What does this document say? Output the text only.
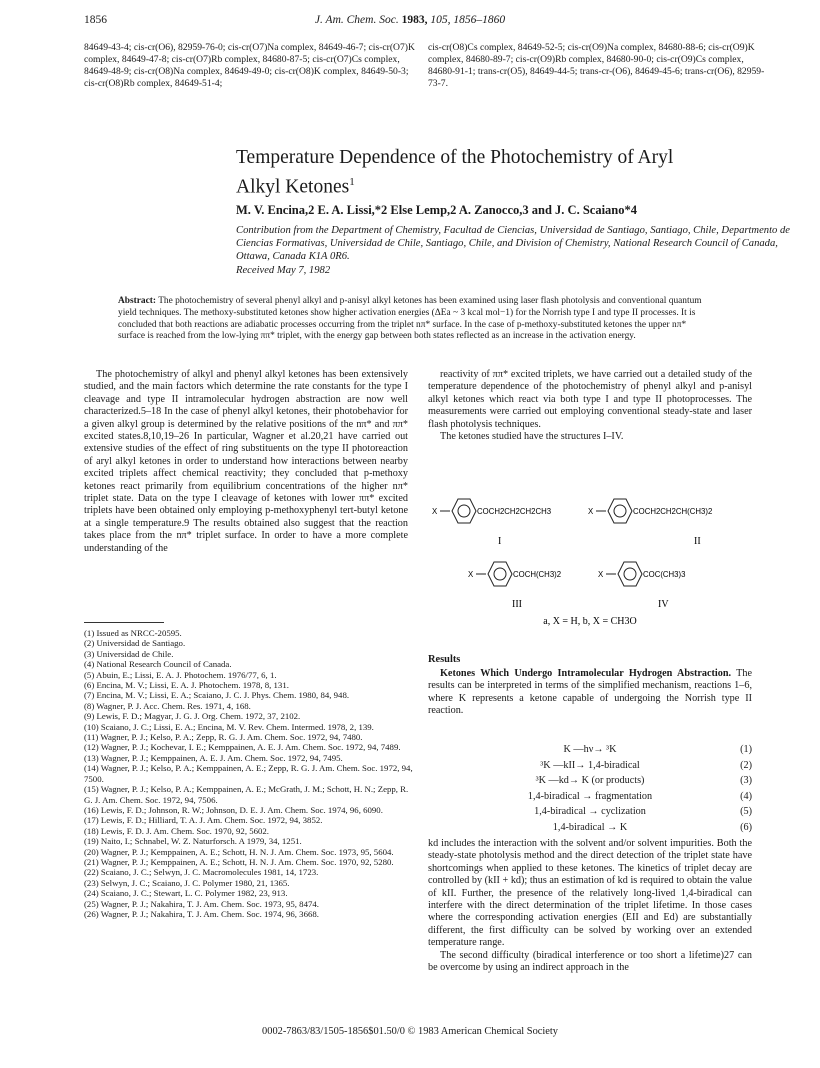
1856	J. Am. Chem. Soc. 1983, 105, 1856–1860

84649-43-4; cis-cr(O6), 82959-76-0; cis-cr(O7)Na complex, 84649-46-7; cis-cr(O7)K complex, 84649-47-8; cis-cr(O7)Rb complex, 84680-87-5; cis-cr(O7)Cs complex, 84649-48-9; cis-cr(O8)Na complex, 84649-49-0; cis-cr(O8)K complex, 84649-50-3; cis-cr(O8)Rb complex, 84649-51-4;

cis-cr(O8)Cs complex, 84649-52-5; cis-cr(O9)Na complex, 84680-88-6; cis-cr(O9)K complex, 84680-89-7; cis-cr(O9)Rb complex, 84680-90-0; cis-cr(O9)Cs complex, 84680-91-1; trans-cr(O5), 84649-44-5; trans-cr-(O6), 84649-45-6; trans-cr(O6), 82959-73-7.

Temperature Dependence of the Photochemistry of Aryl
Alkyl Ketones$^1$
M. V. Encina,2 E. A. Lissi,*2 Else Lemp,2 A. Zanocco,3 and J. C. Scaiano*4
Contribution from the Department of Chemistry, Facultad de Ciencias, Universidad de Santiago, Santiago, Chile, Departmento de Ciencias Formativas, Universidad de Chile, Santiago, Chile, and Division of Chemistry, National Research Council of Canada, Ottawa, Canada K1A 0R6.
Received May 7, 1982
Abstract: The photochemistry of several phenyl alkyl and p-anisyl alkyl ketones has been examined using laser flash photolysis and conventional quantum yield techniques. The methoxy-substituted ketones show higher activation energies (ΔEa ~ 3 kcal mol−1) for the Norrish type I and type II processes. It is concluded that both reactions are adiabatic processes occurring from the triplet nπ* surface. In the case of p-methoxy-substituted ketones the upper nπ* surface is reached from the low-lying ππ* triplet, with the energy gap between both states reflected as an increase in the activation energy.

The photochemistry of alkyl and phenyl alkyl ketones has been extensively studied, and the main factors which determine the rate constants for the type I cleavage and type II intramolecular hydrogen abstraction are now well characterized.5–18 In the case of phenyl alkyl ketones, their photobehavior for a given alkyl group is determined by the relative positions of the nπ* and ππ* excited states.8,10,19–26 In particular, Wagner et al.20,21 have carried out extensive studies of the effect of ring substituents on the type II photoreaction of aryl alkyl ketones in order to understand how interactions between nearby excited triplets affect chemical reactivity; they concluded that p-methoxy ketones react primarily from equilibrium concentrations of the higher nπ* triplet state. Data on the type I cleavage of ketones with lower ππ* excited triplets have been obtained only employing p-methoxyphenyl tert-butyl ketone at a single temperature.9 The results obtained also suggest that the reaction takes place from the nπ* triplet surface. In order to have a more complete understanding of the

(1) Issued as NRCC-20595.
(2) Universidad de Santiago.
(3) Universidad de Chile.
(4) National Research Council of Canada.
(5) Abuin, E.; Lissi, E. A. J. Photochem. 1976/77, 6, 1.
(6) Encina, M. V.; Lissi, E. A. J. Photochem. 1978, 8, 131.
(7) Encina, M. V.; Lissi, E. A.; Scaiano, J. C. J. Phys. Chem. 1980, 84, 948.
(8) Wagner, P. J. Acc. Chem. Res. 1971, 4, 168.
(9) Lewis, F. D.; Magyar, J. G. J. Org. Chem. 1972, 37, 2102.
(10) Scaiano, J. C.; Lissi, E. A.; Encina, M. V. Rev. Chem. Intermed. 1978, 2, 139.
(11) Wagner, P. J.; Kelso, P. A.; Zepp, R. G. J. Am. Chem. Soc. 1972, 94, 7480.
(12) Wagner, P. J.; Kochevar, I. E.; Kemppainen, A. E. J. Am. Chem. Soc. 1972, 94, 7489.
(13) Wagner, P. J.; Kemppainen, A. E. J. Am. Chem. Soc. 1972, 94, 7495.
(14) Wagner, P. J.; Kelso, P. A.; Kemppainen, A. E.; Zepp, R. G. J. Am. Chem. Soc. 1972, 94, 7500.
(15) Wagner, P. J.; Kelso, P. A.; Kemppainen, A. E.; McGrath, J. M.; Schott, H. N.; Zepp, R. G. J. Am. Chem. Soc. 1972, 94, 7506.
(16) Lewis, F. D.; Johnson, R. W.; Johnson, D. E. J. Am. Chem. Soc. 1974, 96, 6090.
(17) Lewis, F. D.; Hilliard, T. A. J. Am. Chem. Soc. 1972, 94, 3852.
(18) Lewis, F. D. J. Am. Chem. Soc. 1970, 92, 5602.
(19) Naito, I.; Schnabel, W. Z. Naturforsch. A 1979, 34, 1251.
(20) Wagner, P. J.; Kemppainen, A. E.; Schott, H. N. J. Am. Chem. Soc. 1973, 95, 5604.
(21) Wagner, P. J.; Kemppainen, A. E.; Schott, H. N. J. Am. Chem. Soc. 1970, 92, 5280.
(22) Scaiano, J. C.; Selwyn, J. C. Macromolecules 1981, 14, 1723.
(23) Selwyn, J. C.; Scaiano, J. C. Polymer 1980, 21, 1365.
(24) Scaiano, J. C.; Stewart, L. C. Polymer 1982, 23, 913.
(25) Wagner, P. J.; Nakahira, T. J. Am. Chem. Soc. 1973, 95, 8474.
(26) Wagner, P. J.; Nakahira, T. J. Am. Chem. Soc. 1974, 96, 3668.

reactivity of ππ* excited triplets, we have carried out a detailed study of the temperature dependence of the photochemistry of phenyl alkyl and p-anisyl alkyl ketones which react via both type I and type II photoprocesses. The measurements were carried out employing conventional steady-state and laser flash photolysis techniques.

The ketones studied have the structures I–IV.

X	COCH2CH2CH2CH3
I
X	COCH2CH2CH(CH3)2
II
X	COCH(CH3)2
III
X	COC(CH3)3
IV
a, X = H, b, X = CH3O
Results

Ketones Which Undergo Intramolecular Hydrogen Abstraction. The results can be interpreted in terms of the simplified mechanism, reactions 1–6, where K represents a ketone capable of undergoing the Norrish type II reaction.

K —hν→ ³K	(1)
³K —kII→ 1,4-biradical	(2)
³K —kd→ K (or products)	(3)
1,4-biradical → fragmentation	(4)
1,4-biradical → cyclization	(5)
1,4-biradical → K	(6)

kd includes the interaction with the solvent and/or solvent impurities. Both the steady-state photolysis method and the direct detection of the triplet state have shortcomings when applied to these ketones. The kinetics of triplet decay are controlled by (kII + kd); thus an estimation of kd is required to obtain the value of kII. Further, the presence of the relatively long-lived 1,4-biradical can interfere with the direct determination of the triplet lifetime. In those cases where the corresponding activation energies (EII and Ed) are substantially different, the first difficulty can be solved by working over an extended temperature range.

The second difficulty (biradical interference or too short a lifetime)27 can be overcome by using an indirect approach in the

0002-7863/83/1505-1856$01.50/0 © 1983 American Chemical Society
